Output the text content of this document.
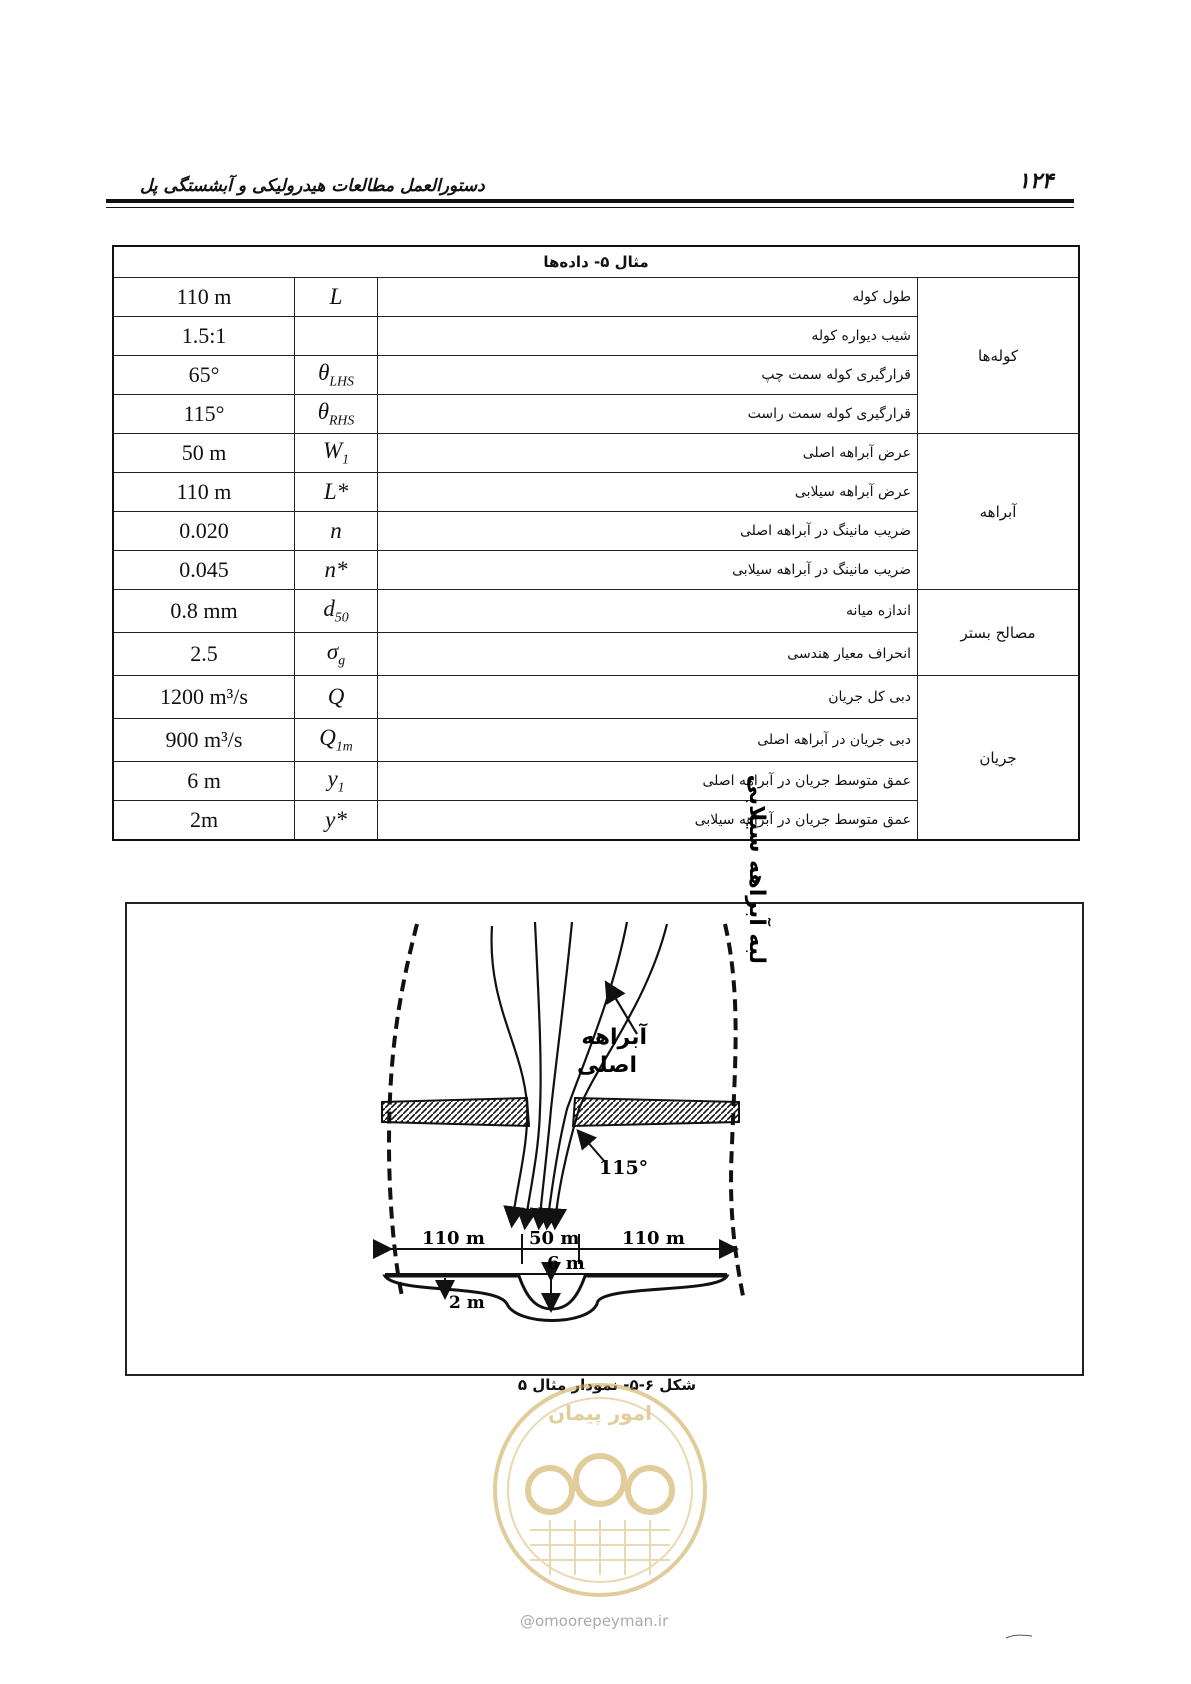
۱۲۴
دستورالعمل مطالعات هیدرولیکی و آبشستگی پل
مثال ۵- داده‌ها			
110 m	L	طول کوله	کوله‌ها
1.5:1		شیب دیواره کوله	
65°	$\theta_{LHS}$	قرارگیری کوله سمت چپ	
115°	$\theta_{RHS}$	قرارگیری کوله سمت راست	
50 m	$W_1$	عرض آبراهه اصلی	آبراهه
110 m	L*	عرض آبراهه سیلابی	
0.020	n	ضریب مانینگ در آبراهه اصلی	
0.045	n*	ضریب مانینگ در آبراهه سیلابی	
0.8 mm	$d_{50}$	اندازه میانه	مصالح بستر
2.5	$\sigma_g$	انحراف معیار هندسی	
1200 m³/s	Q	دبی کل جریان	جریان
900 m³/s	$Q_{1m}$	دبی جریان در آبراهه اصلی	
6 m	$y_1$	عمق متوسط جریان در آبراهه اصلی	
2m	y*	عمق متوسط جریان در آبراهه سیلابی	
آبراهه
اصلی
لبه آبراهه سیلابی
115°
110 m 50 m 110 m
6 m
2 m
شکل ۶-۵- نمودار مثال ۵
امور پیمان
@omoorepeyman.ir
